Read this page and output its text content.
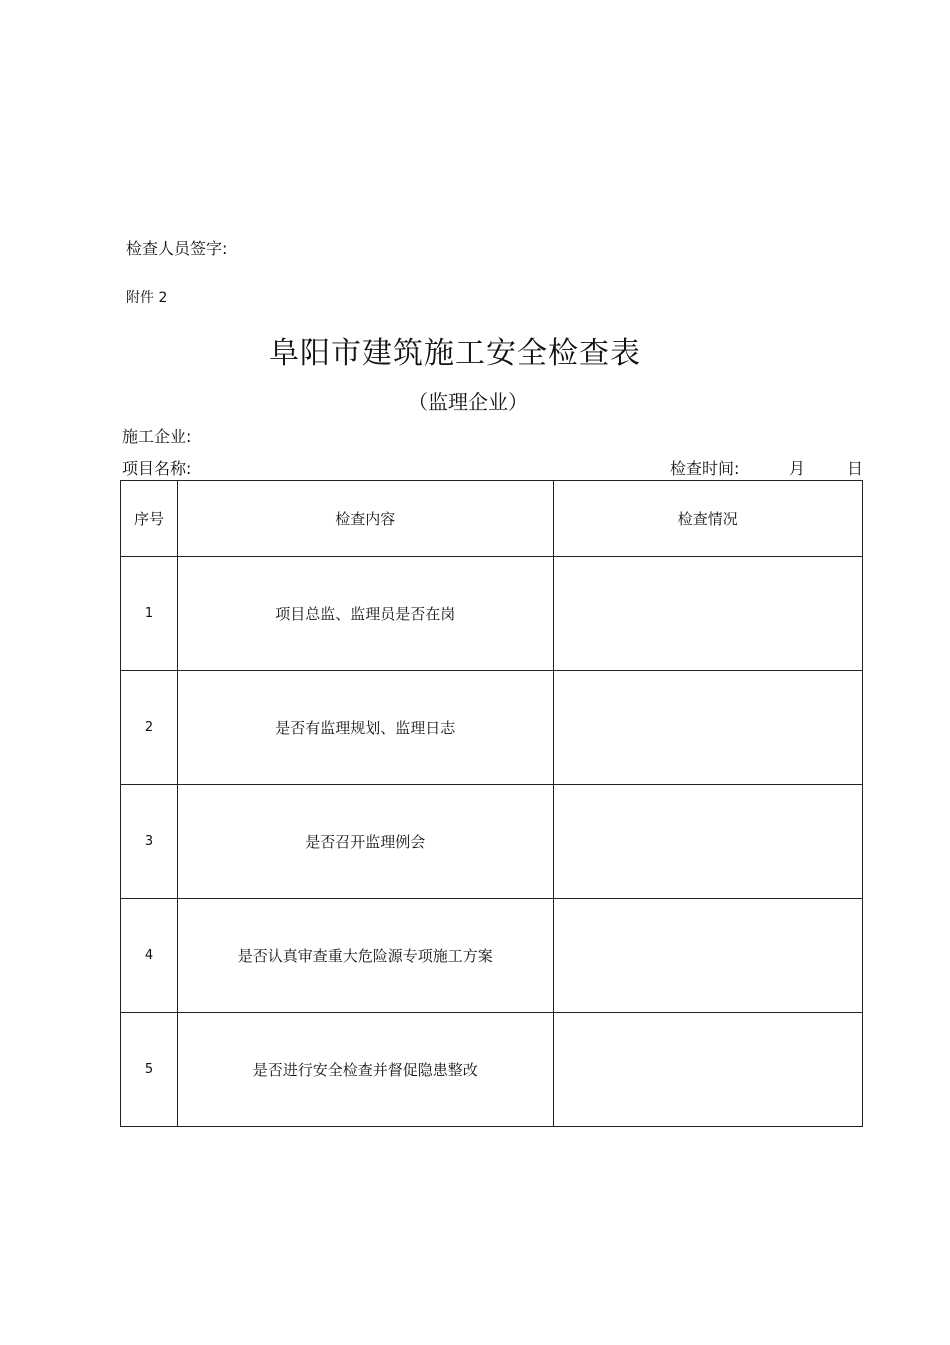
检查人员签字:
附件 2
阜阳市建筑施工安全检查表
（监理企业）
施工企业:
项目名称:	检查时间:	月	日
序号	检查内容	检查情况
1	项目总监、监理员是否在岗	
2	是否有监理规划、监理日志	
3	是否召开监理例会	
4	是否认真审查重大危险源专项施工方案	
5	是否进行安全检查并督促隐患整改	
